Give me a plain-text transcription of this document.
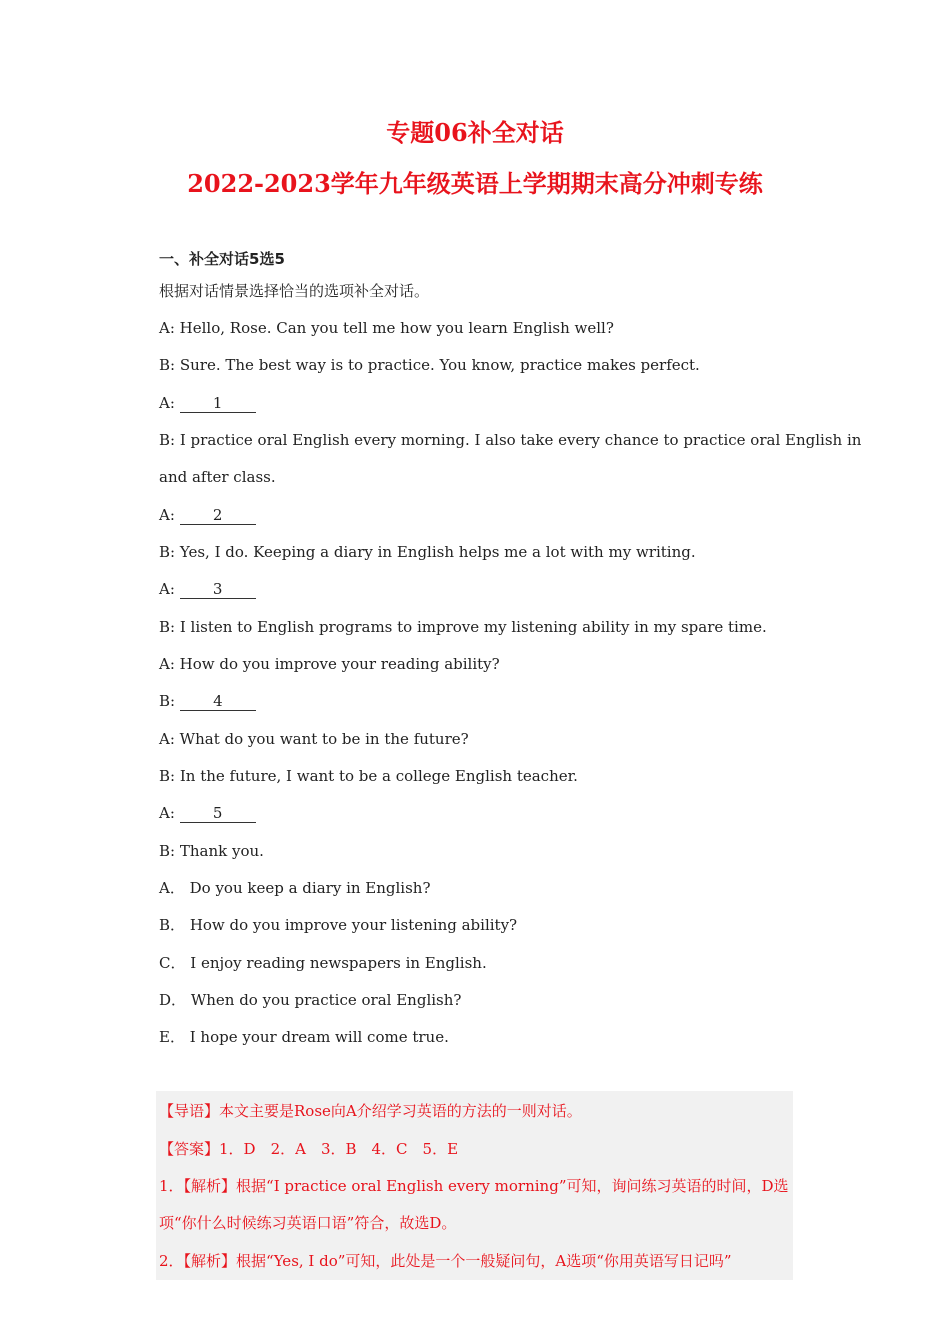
专题06补全对话
2022-2023学年九年级英语上学期期末高分冲刺专练
一、补全对话5选5
根据对话情景选择恰当的选项补全对话。
A: Hello, Rose. Can you tell me how you learn English well?
B: Sure. The best way is to practice. You know, practice makes perfect.
A:	1
B: I practice oral English every morning. I also take every chance to practice oral English in
and after class.
A:	2
B: Yes, I do. Keeping a diary in English helps me a lot with my writing.
A:	3
B: I listen to English programs to improve my listening ability in my spare time.
A: How do you improve your reading ability?
B:	4
A: What do you want to be in the future?
B: In the future, I want to be a college English teacher.
A:	5
B: Thank you.
A． Do you keep a diary in English?
B． How do you improve your listening ability?
C． I enjoy reading newspapers in English.
D． When do you practice oral English?
E． I hope your dream will come true.
【导语】本文主要是Rose向A介绍学习英语的方法的一则对话。
【答案】1．D　2．A　3．B　4．C　5．E
1．【解析】根据“I practice oral English every morning”可知，询问练习英语的时间，D选
项“你什么时候练习英语口语”符合，故选D。
2．【解析】根据“Yes, I do”可知，此处是一个一般疑问句，A选项“你用英语写日记吗”
